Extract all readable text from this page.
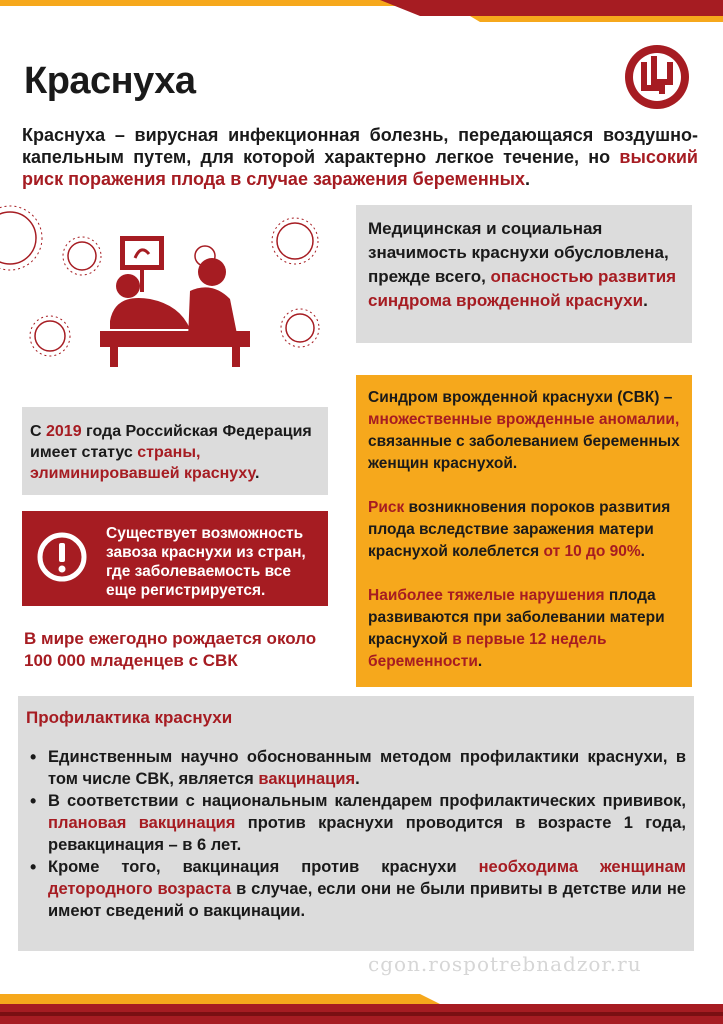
Краснуха
Краснуха – вирусная инфекционная болезнь, передающаяся воздушно-капельным путем, для которой характерно легкое течение, но высокий риск поражения плода в случае заражения беременных.
Медицинская и социальная значимость краснухи обусловлена, прежде всего, опасностью развития синдрома врожденной краснухи.
С 2019 года Российская Федерация имеет статус страны, элиминировавшей краснуху.
Существует возможность завоза краснухи из стран, где заболеваемость все еще регистрируется.
В мире ежегодно рождается около 100 000 младенцев с СВК

Синдром врожденной краснухи (СВК) – множественные врожденные аномалии, связанные с заболеванием беременных женщин краснухой.

Риск возникновения пороков развития плода вследствие заражения матери краснухой колеблется от 10 до 90%.

Наиболее тяжелые нарушения плода развиваются при заболевании матери краснухой в первые 12 недель беременности.

Профилактика краснухи
• Единственным научно обоснованным методом профилактики краснухи, в том числе СВК, является вакцинация.
• В соответствии с национальным календарем профилактических прививок, плановая вакцинация против краснухи проводится в возрасте 1 года, ревакцинация – в 6 лет.
• Кроме того, вакцинация против краснухи необходима женщинам детородного возраста в случае, если они не были привиты в детстве или не имеют сведений о вакцинации.
cgon.rospotrebnadzor.ru
